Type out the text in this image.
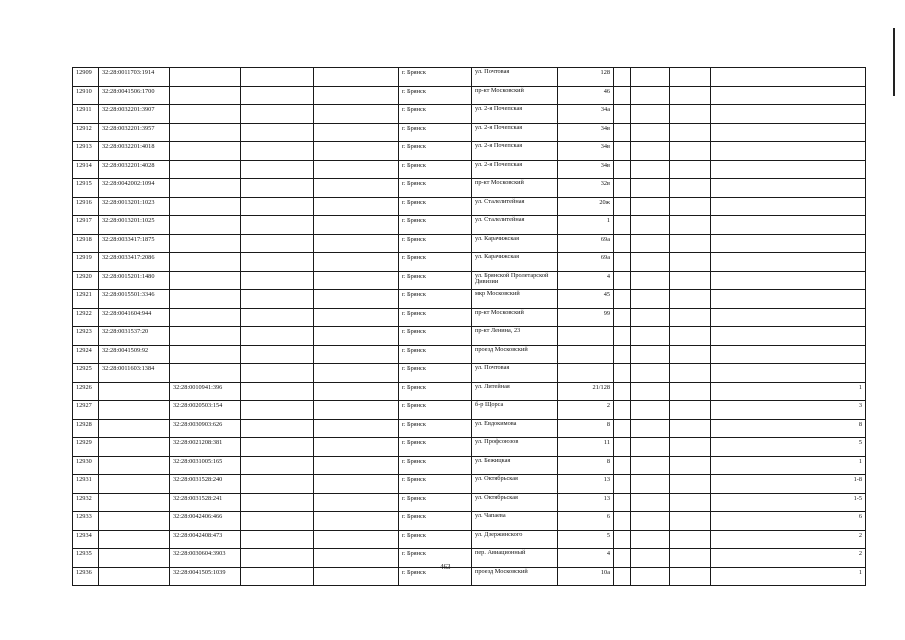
12909	32:28:0011703:1914				г. Брянск	ул. Почтовая	128				
12910	32:28:0041506:1700				г. Брянск	пр-кт Московский	46				
12911	32:28:0032201:3907				г. Брянск	ул. 2-я Почепская	34а				
12912	32:28:0032201:3957				г. Брянск	ул. 2-я Почепская	34в				
12913	32:28:0032201:4018				г. Брянск	ул. 2-я Почепская	34в				
12914	32:28:0032201:4028				г. Брянск	ул. 2-я Почепская	34в				
12915	32:28:0042002:1094				г. Брянск	пр-кт Московский	32в				
12916	32:28:0013201:1023				г. Брянск	ул. Сталелитейная	20ж				
12917	32:28:0013201:1025				г. Брянск	ул. Сталелитейная	1				
12918	32:28:0033417:1875				г. Брянск	ул. Карачижская	69а				
12919	32:28:0033417:2086				г. Брянск	ул. Карачижская	69а				
12920	32:28:0015201:1480				г. Брянск	ул. Брянской Пролетарской Дивизии	4				
12921	32:28:0015501:3346				г. Брянск	мкр Московский	45				
12922	32:28:0041604:944				г. Брянск	пр-кт Московский	99				
12923	32:28:0031537:20				г. Брянск	пр-кт Ленина, 23					
12924	32:28:0041509:92				г. Брянск	проезд Московский					
12925	32:28:0011603:1384				г. Брянск	ул. Почтовая					
12926		32:28:0010941:396			г. Брянск	ул. Литейная	21/128				1
12927		32:28:0020503:154			г. Брянск	б-р Щорса	2				3
12928		32:28:0030903:626			г. Брянск	ул. Евдокимова	8				8
12929		32:28:0021208:381			г. Брянск	ул. Профсоюзов	11				5
12930		32:28:0031005:165			г. Брянск	ул. Бежицкая	8				1
12931		32:28:0031528:240			г. Брянск	ул. Октябрьская	13				1-8
12932		32:28:0031528:241			г. Брянск	ул. Октябрьская	13				1-5
12933		32:28:0042406:466			г. Брянск	ул. Чапаева	6				6
12934		32:28:0042408:473			г. Брянск	ул. Дзержинского	5				2
12935		32:28:0030604:3903			г. Брянск	пер. Авиационный	4				2
12936		32:28:0041505:1039			г. Брянск	проезд Московский	10а				1
463
